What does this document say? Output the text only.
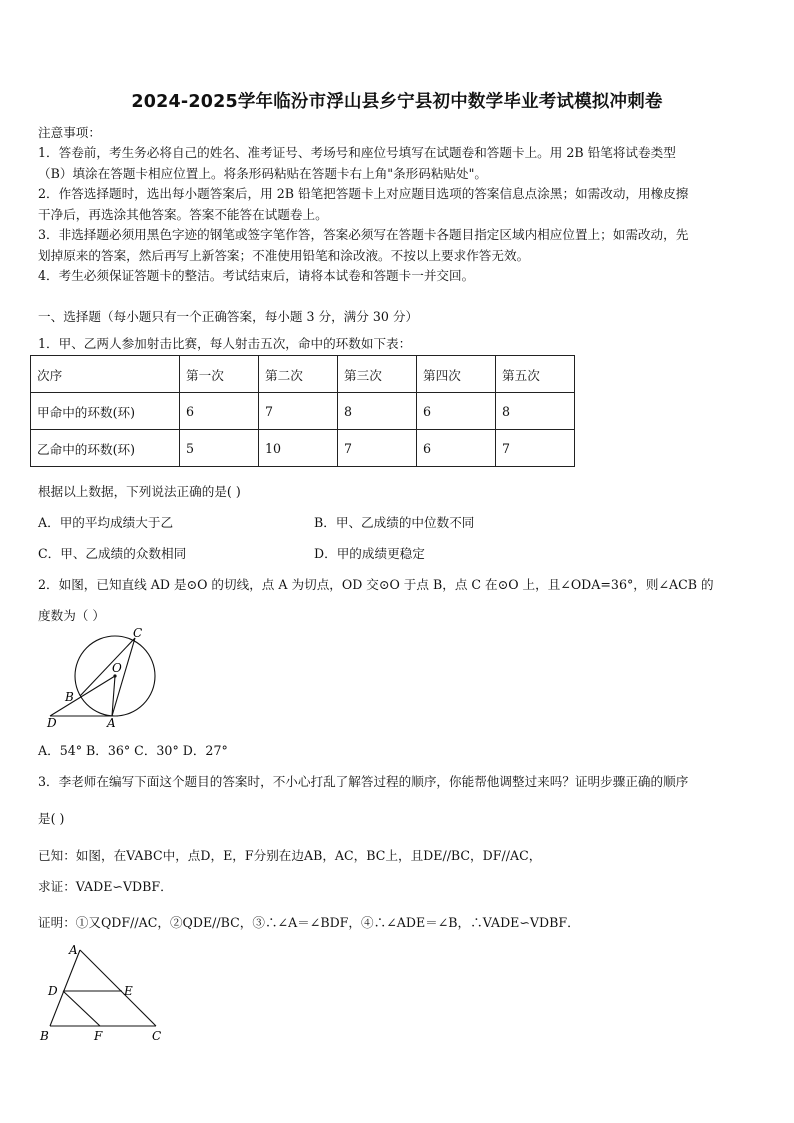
2024-2025学年临汾市浮山县乡宁县初中数学毕业考试模拟冲刺卷
注意事项：
1．答卷前，考生务必将自己的姓名、准考证号、考场号和座位号填写在试题卷和答题卡上。用 2B 铅笔将试卷类型
（B）填涂在答题卡相应位置上。将条形码粘贴在答题卡右上角"条形码粘贴处"。
2．作答选择题时，选出每小题答案后，用 2B 铅笔把答题卡上对应题目选项的答案信息点涂黑；如需改动，用橡皮擦
干净后，再选涂其他答案。答案不能答在试题卷上。
3．非选择题必须用黑色字迹的钢笔或签字笔作答，答案必须写在答题卡各题目指定区域内相应位置上；如需改动，先
划掉原来的答案，然后再写上新答案；不准使用铅笔和涂改液。不按以上要求作答无效。
4．考生必须保证答题卡的整洁。考试结束后，请将本试卷和答题卡一并交回。
一、选择题（每小题只有一个正确答案，每小题 3 分，满分 30 分）
1．甲、乙两人参加射击比赛，每人射击五次，命中的环数如下表：
次序	第一次	第二次	第三次	第四次	第五次
甲命中的环数(环)	6	7	8	6	8
乙命中的环数(环)	5	10	7	6	7
根据以上数据，下列说法正确的是( )
A．甲的平均成绩大于乙	B．甲、乙成绩的中位数不同
C．甲、乙成绩的众数相同	D．甲的成绩更稳定
2．如图，已知直线 AD 是⊙O 的切线，点 A 为切点，OD 交⊙O 于点 B，点 C 在⊙O 上，且∠ODA=36°，则∠ACB 的
度数为（ ）
C
O
B
D	A
A．54° B．36° C．30° D．27°
3．李老师在编写下面这个题目的答案时，不小心打乱了解答过程的顺序，你能帮他调整过来吗？证明步骤正确的顺序
是( )
已知：如图，在VABC中，点D，E，F分别在边AB，AC，BC上，且DE//BC，DF//AC，
求证：VADE∽VDBF．
证明：①又QDF//AC，②QDE//BC，③∴∠A＝∠BDF，④∴∠ADE＝∠B，∴VADE∽VDBF．
A
D	E
B	F	C
